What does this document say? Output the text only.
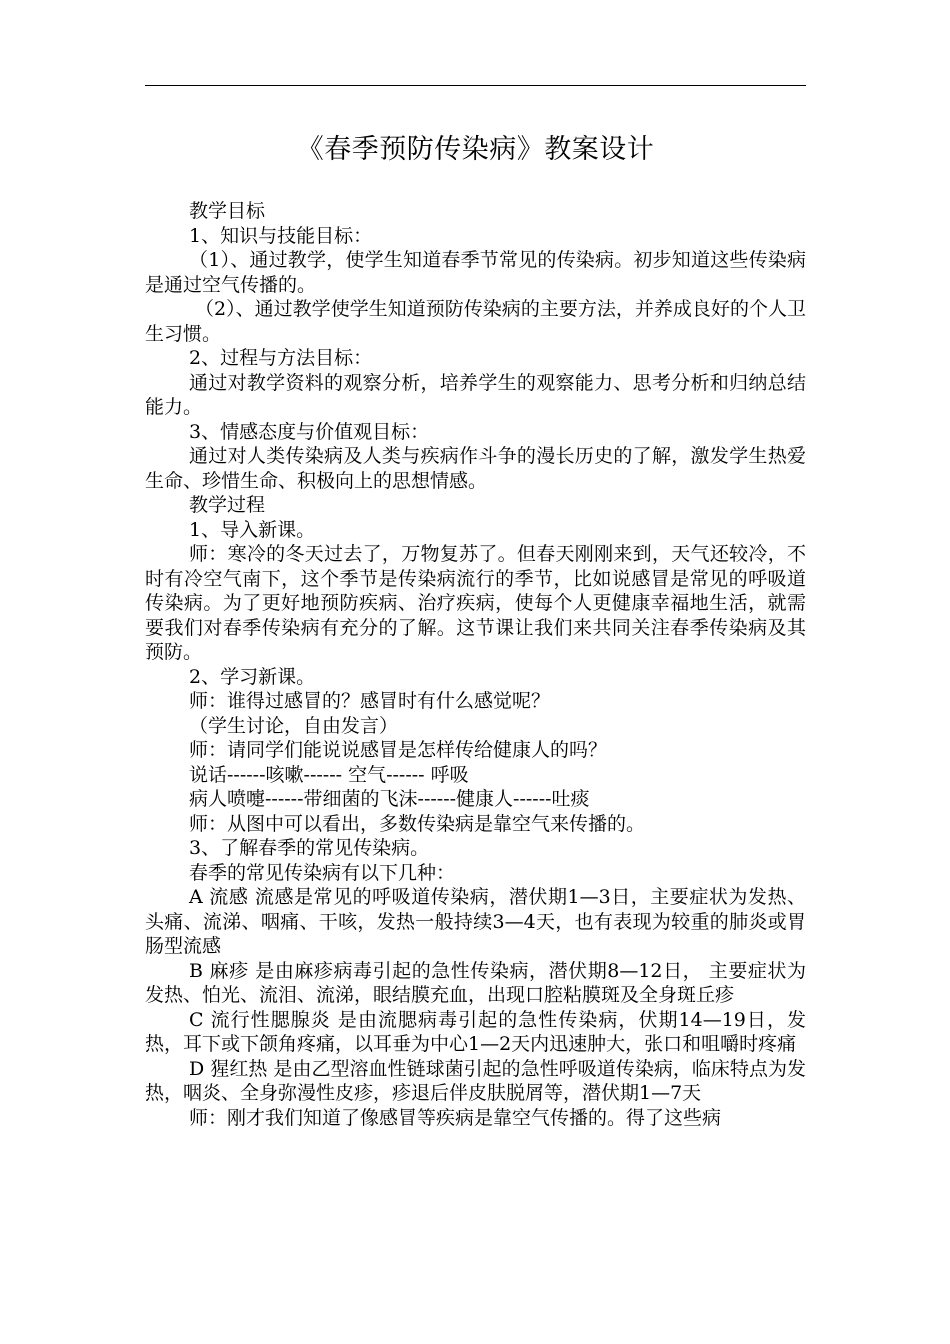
《春季预防传染病》教案设计

教学目标

1、知识与技能目标：

（1）、通过教学，使学生知道春季节常见的传染病。初步知道这些传染病是通过空气传播的。

（2）、通过教学使学生知道预防传染病的主要方法，并养成良好的个人卫生习惯。

2、过程与方法目标：

通过对教学资料的观察分析，培养学生的观察能力、思考分析和归纳总结能力。

3、情感态度与价值观目标：

通过对人类传染病及人类与疾病作斗争的漫长历史的了解，激发学生热爱生命、珍惜生命、积极向上的思想情感。

教学过程

1、导入新课。

师：寒冷的冬天过去了，万物复苏了。但春天刚刚来到，天气还较冷，不时有冷空气南下，这个季节是传染病流行的季节，比如说感冒是常见的呼吸道传染病。为了更好地预防疾病、治疗疾病，使每个人更健康幸福地生活，就需要我们对春季传染病有充分的了解。这节课让我们来共同关注春季传染病及其预防。

2、学习新课。

师：谁得过感冒的？感冒时有什么感觉呢？

（学生讨论，自由发言）

师：请同学们能说说感冒是怎样传给健康人的吗？

说话------咳嗽------ 空气------ 呼吸

病人喷嚏------带细菌的飞沫------健康人------吐痰

师：从图中可以看出，多数传染病是靠空气来传播的。

3、了解春季的常见传染病。

春季的常见传染病有以下几种：

A 流感 流感是常见的呼吸道传染病，潜伏期1—3日，主要症状为发热、头痛、流涕、咽痛、干咳，发热一般持续3—4天，也有表现为较重的肺炎或胃肠型流感

B 麻疹 是由麻疹病毒引起的急性传染病，潜伏期8—12日， 主要症状为发热、怕光、流泪、流涕，眼结膜充血，出现口腔粘膜斑及全身斑丘疹

C 流行性腮腺炎 是由流腮病毒引起的急性传染病，伏期14—19日，发热，耳下或下颌角疼痛，以耳垂为中心1—2天内迅速肿大，张口和咀嚼时疼痛

D 猩红热 是由乙型溶血性链球菌引起的急性呼吸道传染病，临床特点为发热，咽炎、全身弥漫性皮疹，疹退后伴皮肤脱屑等，潜伏期1—7天

师：刚才我们知道了像感冒等疾病是靠空气传播的。得了这些病
